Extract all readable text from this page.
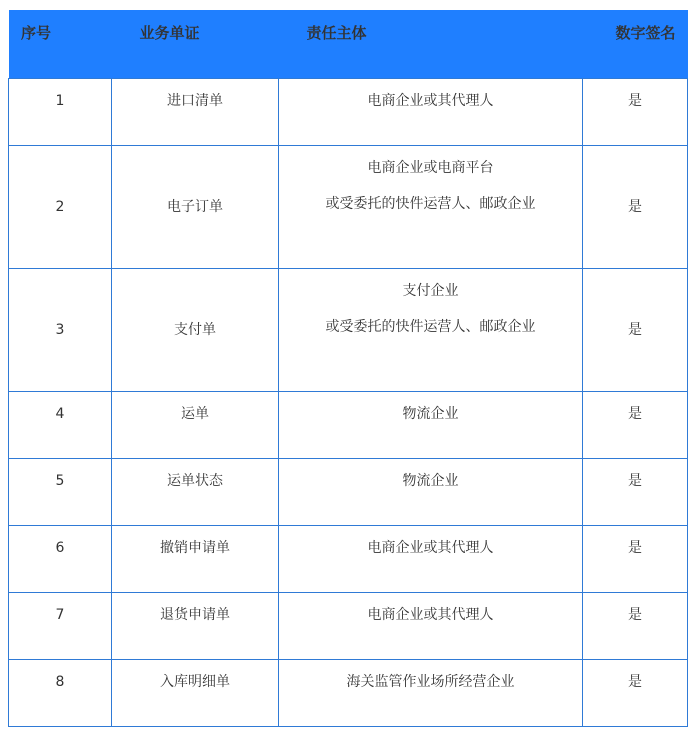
序号	业务单证	责任主体	数字签名
1	进口清单	电商企业或其代理人	是
2	电子订单	电商企业或电商平台
或受委托的快件运营人、邮政企业	是
3	支付单	支付企业
或受委托的快件运营人、邮政企业	是
4	运单	物流企业	是
5	运单状态	物流企业	是
6	撤销申请单	电商企业或其代理人	是
7	退货申请单	电商企业或其代理人	是
8	入库明细单	海关监管作业场所经营企业	是
